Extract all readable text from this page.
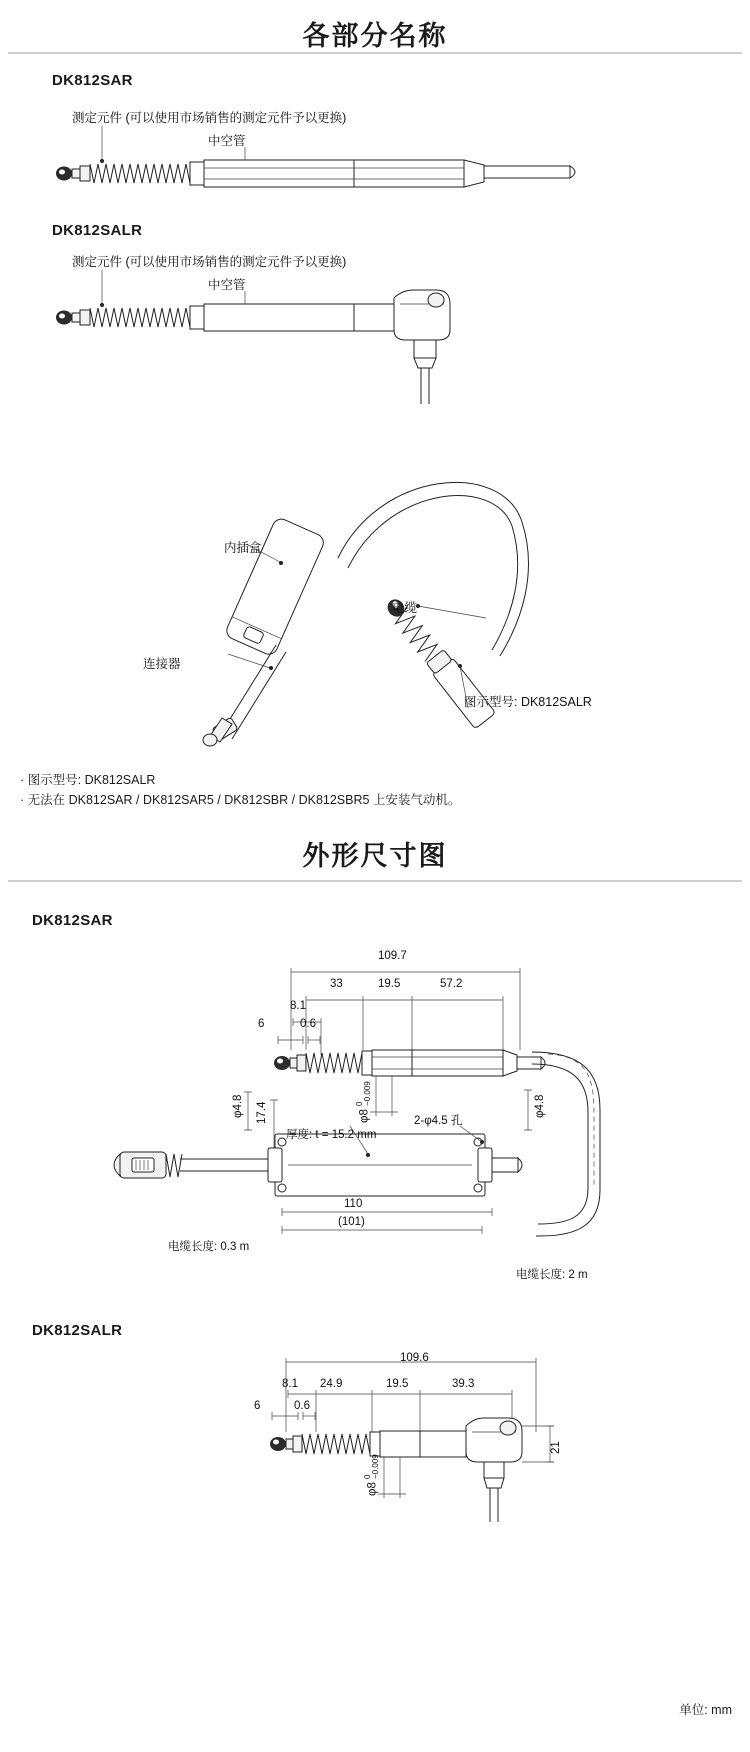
各部分名称
DK812SAR
测定元件 (可以使用市场销售的测定元件予以更换)
中空管
DK812SALR
测定元件 (可以使用市场销售的测定元件予以更换)
中空管
内插盒
电缆
连接器
图示型号: DK812SALR
· 图示型号: DK812SALR
· 无法在 DK812SAR / DK812SAR5 / DK812SBR / DK812SBR5 上安装气动机。
外形尺寸图
DK812SAR
109.7
33	19.5	57.2
8.1
6	0.6
φ8
0 −0.009
φ4.8 17.4	φ4.8
厚度: t = 15.2 mm
2-φ4.5 孔
110
(101)
电缆长度: 0.3 m
电缆长度: 2 m
DK812SALR
109.6
8.1 24.9	19.5	39.3
6	0.6
φ8
0 −0.009
21
单位: mm
